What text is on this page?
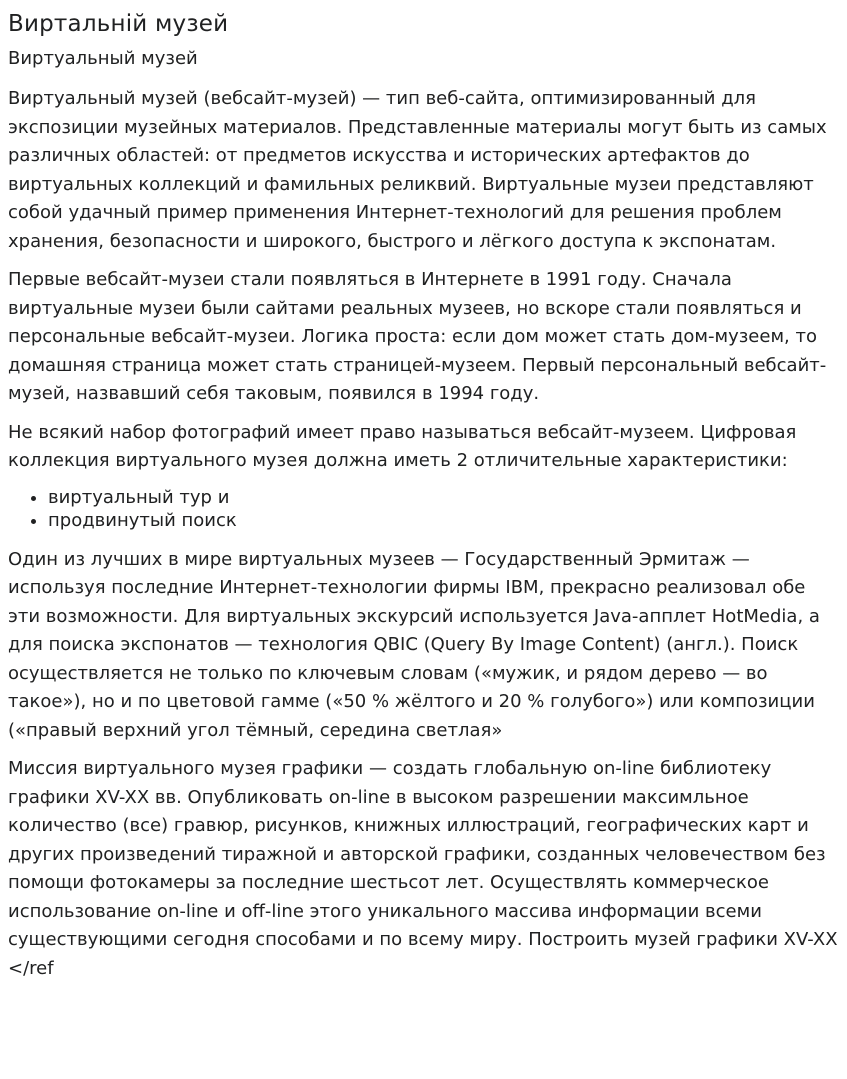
Виртальній музей
Виртуальный музей

Виртуальный музей (вебсайт-музей) — тип веб-сайта, оптимизированный для экспозиции музейных материалов. Представленные материалы могут быть из самых различных областей: от предметов искусства и исторических артефактов до виртуальных коллекций и фамильных реликвий. Виртуальные музеи представляют собой удачный пример применения Интернет-технологий для решения проблем хранения, безопасности и широкого, быстрого и лёгкого доступа к экспонатам.

Первые вебсайт-музеи стали появляться в Интернете в 1991 году. Сначала виртуальные музеи были сайтами реальных музеев, но вскоре стали появляться и персональные вебсайт-музеи. Логика проста: если дом может стать дом-музеем, то домашняя страница может стать страницей-музеем. Первый персональный вебсайт-музей, назвавший себя таковым, появился в 1994 году.

Не всякий набор фотографий имеет право называться вебсайт-музеем. Цифровая коллекция виртуального музея должна иметь 2 отличительные характеристики:

• виртуальный тур и
• продвинутый поиск

Один из лучших в мире виртуальных музеев — Государственный Эрмитаж — используя последние Интернет-технологии фирмы IBM, прекрасно реализовал обе эти возможности. Для виртуальных экскурсий используется Java-апплет HotMedia, а для поиска экспонатов — технология QBIC (Query By Image Content) (англ.). Поиск осуществляется не только по ключевым словам («мужик, и рядом дерево — во такое»), но и по цветовой гамме («50 % жёлтого и 20 % голубого») или композиции («правый верхний угол тёмный, середина светлая»

Миссия виртуального музея графики — создать глобальную on-line библиотеку графики XV-XX вв. Опубликовать on-line в высоком разрешении максимльное количество (все) гравюр, рисунков, книжных иллюстраций, географических карт и других произведений тиражной и авторской графики, созданных человечеством без помощи фотокамеры за последние шестьсот лет. Осуществлять коммерческое использование on-line и off-line этого уникального массива информации всеми существующими сегодня способами и по всему миру. Построить музей графики XV-XX </ref
